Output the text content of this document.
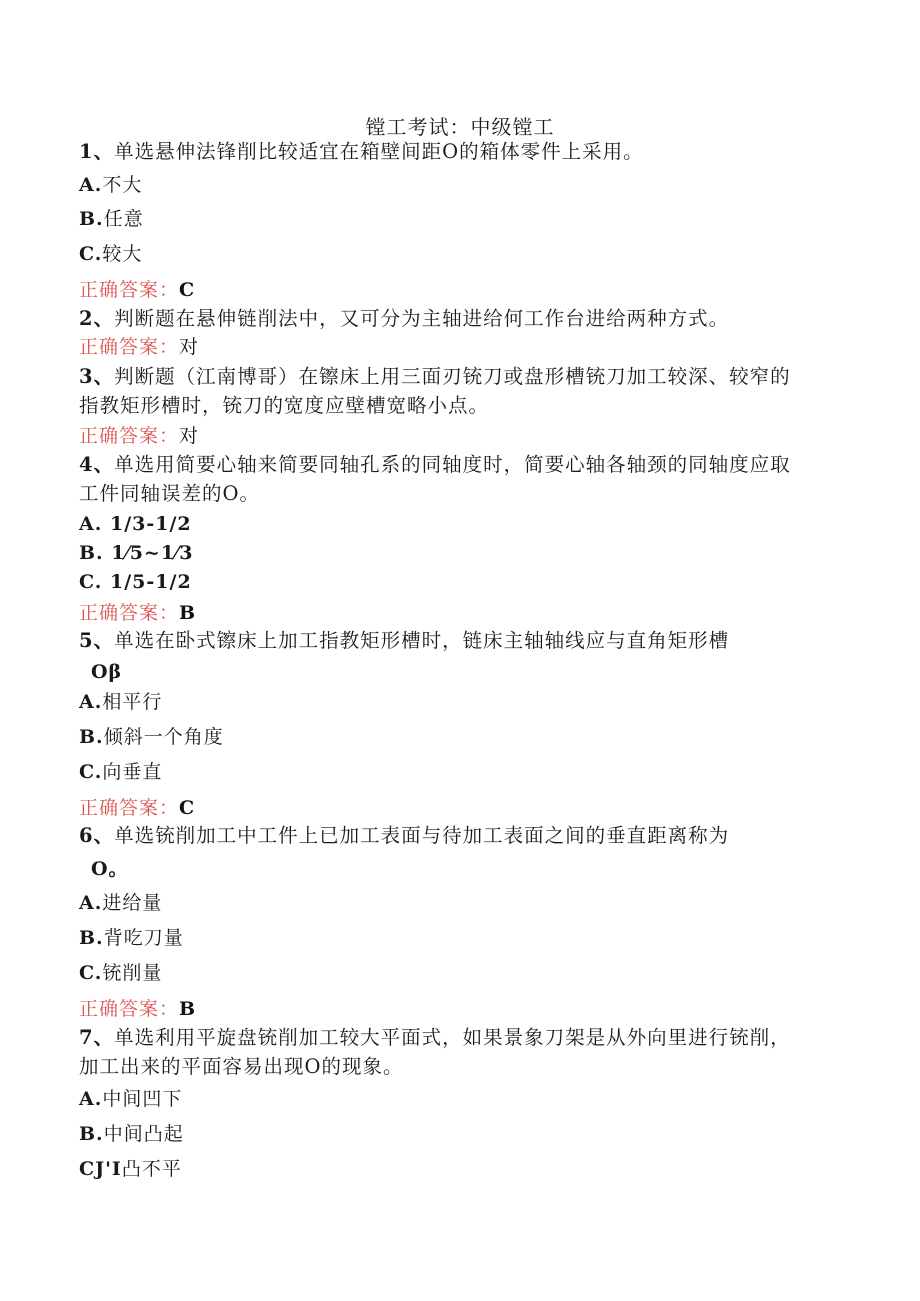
镗工考试：中级镗工
1、单选悬伸法锋削比较适宜在箱壁间距O的箱体零件上采用。
A.不大
B.任意
C.较大
正确答案：C
2、判断题在悬伸链削法中，又可分为主轴进给何工作台进给两种方式。
正确答案：对
3、判断题（江南博哥）在镲床上用三面刃铳刀或盘形槽铳刀加工较深、较窄的
指教矩形槽时，铳刀的宽度应壁槽宽略小点。
正确答案：对
4、单选用简要心轴来简要同轴孔系的同轴度时，简要心轴各轴颈的同轴度应取
工件同轴误差的O。
A. 1/3-1/2
B. 1⁄5~1⁄3
C. 1/5-1/2
正确答案：B
5、单选在卧式镲床上加工指教矩形槽时，链床主轴轴线应与直角矩形槽
Oβ
A.相平行
B.倾斜一个角度
C.向垂直
正确答案：C
6、单选铳削加工中工件上已加工表面与待加工表面之间的垂直距离称为
O。
A.进给量
B.背吃刀量
C.铳削量
正确答案：B
7、单选利用平旋盘铳削加工较大平面式，如果景象刀架是从外向里进行铳削，
加工出来的平面容易出现O的现象。
A.中间凹下
B.中间凸起
CJ'I凸不平
